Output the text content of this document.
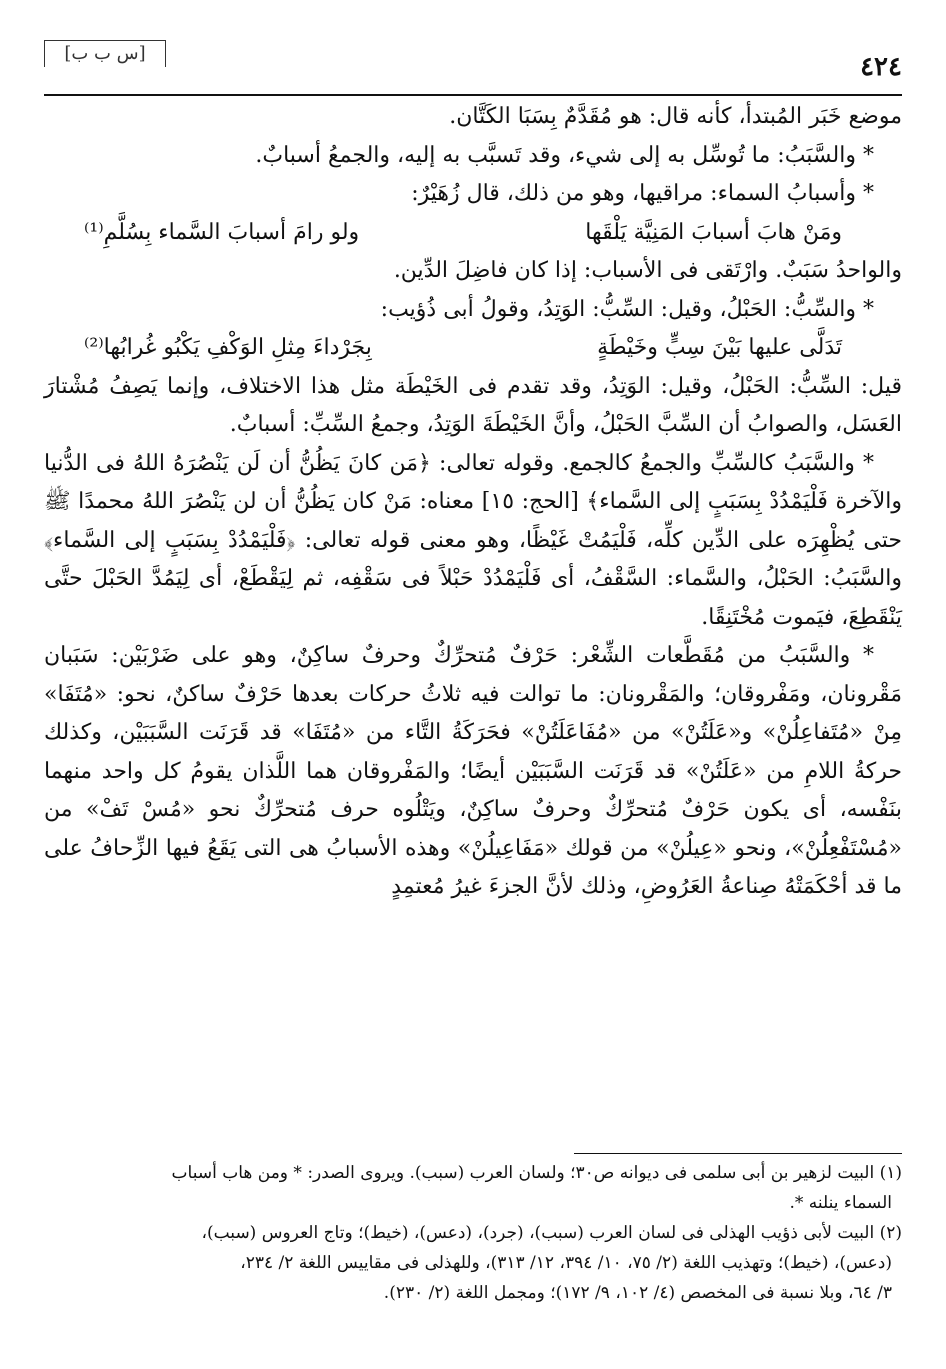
[س ب ب]	٤٢٤

موضع خَبَر المُبتدأ، كأنه قال: هو مُقَدَّمٌ بِسَبَا الكَتَّان.

* والسَّبَبُ: ما تُوسِّل به إلى شيء، وقد تَسبَّب به إليه، والجمعُ أسبابٌ.

* وأسبابُ السماء: مراقيها، وهو من ذلك، قال زُهَيْرٌ:

ومَنْ هابَ أسبابَ المَنِيَّة يَلْقَها
ولو رامَ أسبابَ السَّماء بِسُلَّمِ⁽¹⁾

والواحدُ سَبَبٌ. وارْتَقى فى الأسباب: إذا كان فاضِلَ الدِّين.

* والسِّبُّ: الحَبْلُ، وقيل: السِّبُّ: الوَتِدُ، وقولُ أبى ذُؤيب:

تَدَلَّى عليها بَيْنَ سِبٍّ وخَيْطَةٍ
بِجَرْداءَ مِثلِ الوَكْفِ يَكْبُو غُرابُها⁽²⁾

قيل: السِّبُّ: الحَبْلُ، وقيل: الوَتِدُ، وقد تقدم فى الخَيْطَة مثل هذا الاختلاف، وإنما يَصِفُ مُشْتارَ العَسَل، والصوابُ أن السِّبَّ الحَبْلُ، وأنَّ الخَيْطَةَ الوَتِدُ، وجمعُ السِّبِّ: أسبابٌ.

* والسَّبَبُ كالسِّبِّ والجمعُ كالجمع. وقوله تعالى: ﴿مَن كانَ يَظُنُّ أن لَن يَنْصُرَهُ اللهُ فى الدُّنيا والآخرة فَلْيَمْدُدْ بِسَبَبٍ إلى السَّماء﴾ [الحج: ١٥] معناه: مَنْ كان يَظُنُّ أن لن يَنْصُرَ اللهُ محمدًا ﷺ حتى يُظْهِرَه على الدِّين كلِّه، فَلْيَمُتْ غَيْظًا، وهو معنى قوله تعالى: ﴿فَلْيَمْدُدْ بِسَبَبٍ إلى السَّماء﴾ والسَّبَبُ: الحَبْلُ، والسَّماء: السَّقْفُ، أى فَلْيَمْدُدْ حَبْلاً فى سَقْفِه، ثم لِيَقْطَعْ، أى لِيَمُدَّ الحَبْلَ حتَّى يَنْقَطِعَ، فيَموت مُخْتَنِقًا.

* والسَّبَبُ من مُقَطَّعات الشِّعْر: حَرْفٌ مُتحرِّكٌ وحرفٌ ساكِنٌ، وهو على ضَرْبَيْن: سَبَبان مَقْرونان، ومَفْروقان؛ والمَقْرونان: ما توالت فيه ثلاثُ حركات بعدها حَرْفٌ ساكنٌ، نحو: «مُتَفَا» مِنْ «مُتَفاعِلُنْ» و«عَلَتُنْ» من «مُفَاعَلَتُنْ» فحَرَكَةُ التَّاء من «مُتَفَا» قد قَرَنَت السَّبَبَيْن، وكذلك حركةُ اللامِ من «عَلَتُنْ» قد قَرَنَت السَّبَبَيْن أيضًا؛ والمَفْروقان هما اللَّذان يقومُ كل واحد منهما بنَفْسه، أى يكون حَرْفٌ مُتحرِّكٌ وحرفٌ ساكِنٌ، ويَتْلُوه حرف مُتحرِّكٌ نحو «مُسْ تَفْ» من «مُسْتَفْعِلُنْ»، ونحو «عِيلُنْ» من قولك «مَفَاعِيلُنْ» وهذه الأسبابُ هى التى يَقَعُ فيها الزِّحافُ على ما قد أحْكَمَتْهُ صِناعةُ العَرُوضِ، وذلك لأنَّ الجزءَ غيرُ مُعتمِدٍ

(١) البيت لزهير بن أبى سلمى فى ديوانه ص٣٠؛ ولسان العرب (سبب). ويروى الصدر: * ومن هاب أسباب
السماء ينلنه *.
(٢) البيت لأبى ذؤيب الهذلى فى لسان العرب (سبب)، (جرد)، (دعس)، (خيط)؛ وتاج العروس (سبب)،
(دعس)، (خيط)؛ وتهذيب اللغة (٢/ ٧٥، ١٠/ ٣٩٤، ١٢/ ٣١٣)، وللهذلى فى مقاييس اللغة ٢/ ٢٣٤،
٣/ ٦٤، وبلا نسبة فى المخصص (٤/ ١٠٢، ٩/ ١٧٢)؛ ومجمل اللغة (٢/ ٢٣٠).
